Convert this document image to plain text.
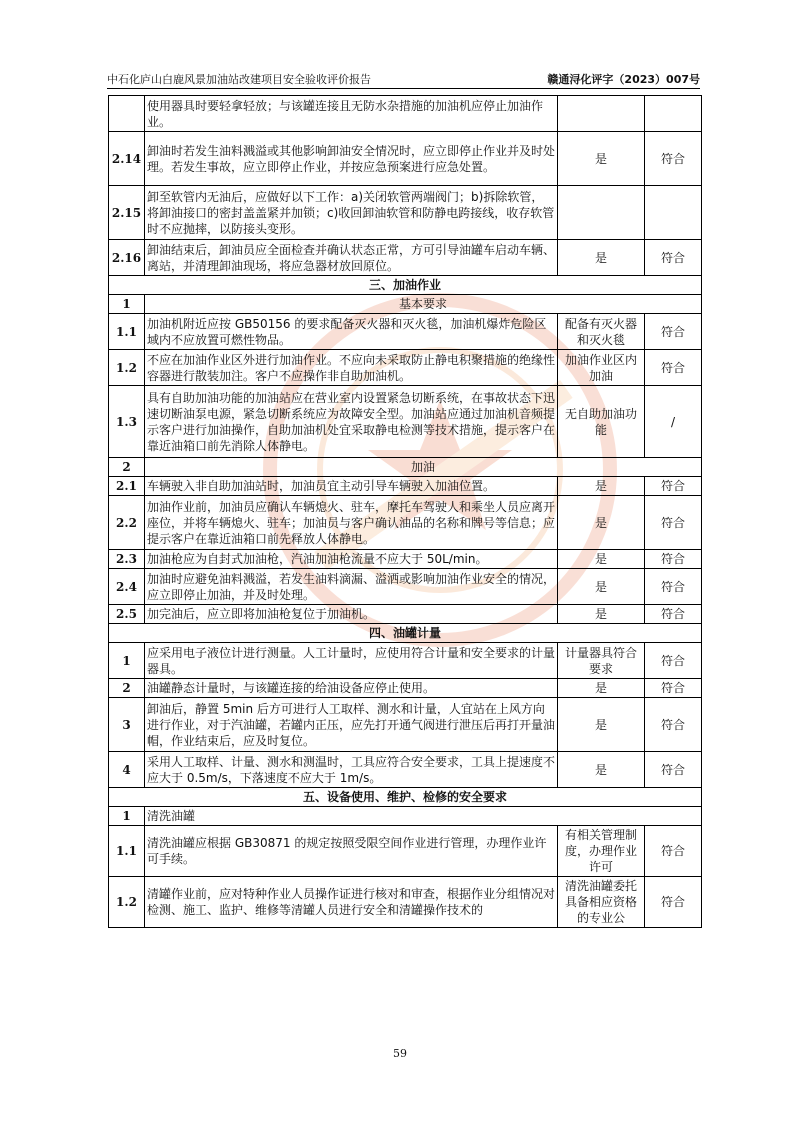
中石化庐山白鹿风景加油站改建项目安全验收评价报告	赣通浔化评字（2023）007号
	使用器具时要轻拿轻放；与该罐连接且无防水杂措施的加油机应停止加油作业。		
2.14	卸油时若发生油料溅溢或其他影响卸油安全情况时，应立即停止作业并及时处理。若发生事故，应立即停止作业，并按应急预案进行应急处置。	是	符合
2.15	卸至软管内无油后，应做好以下工作：a)关闭软管两端阀门；b)拆除软管，将卸油接口的密封盖盖紧并加锁；c)收回卸油软管和防静电跨接线，收存软管时不应抛摔，以防接头变形。		
2.16	卸油结束后，卸油员应全面检查并确认状态正常，方可引导油罐车启动车辆、离站，并清理卸油现场，将应急器材放回原位。	是	符合
三、加油作业			
1	基本要求		
1.1	加油机附近应按 GB50156 的要求配备灭火器和灭火毯，加油机爆炸危险区域内不应放置可燃性物品。	配备有灭火器和灭火毯	符合
1.2	不应在加油作业区外进行加油作业。不应向未采取防止静电积聚措施的绝缘性容器进行散装加注。客户不应操作非自助加油机。	加油作业区内加油	符合
1.3	具有自助加油功能的加油站应在营业室内设置紧急切断系统，在事故状态下迅速切断油泵电源，紧急切断系统应为故障安全型。加油站应通过加油机音频提示客户进行加油操作，自助加油机处宜采取静电检测等技术措施，提示客户在靠近油箱口前先消除人体静电。	无自助加油功能	/
2	加油		
2.1	车辆驶入非自助加油站时，加油员宜主动引导车辆驶入加油位置。	是	符合
2.2	加油作业前，加油员应确认车辆熄火、驻车，摩托车驾驶人和乘坐人员应离开座位，并将车辆熄火、驻车；加油员与客户确认油品的名称和牌号等信息；应提示客户在靠近油箱口前先释放人体静电。	是	符合
2.3	加油枪应为自封式加油枪，汽油加油枪流量不应大于 50L/min。	是	符合
2.4	加油时应避免油料溅溢，若发生油料滴漏、溢洒或影响加油作业安全的情况，应立即停止加油，并及时处理。	是	符合
2.5	加完油后，应立即将加油枪复位于加油机。	是	符合
四、油罐计量			
1	应采用电子液位计进行测量。人工计量时，应使用符合计量和安全要求的计量器具。	计量器具符合要求	符合
2	油罐静态计量时，与该罐连接的给油设备应停止使用。	是	符合
3	卸油后，静置 5min 后方可进行人工取样、测水和计量，人宜站在上风方向进行作业，对于汽油罐，若罐内正压，应先打开通气阀进行泄压后再打开量油帽，作业结束后，应及时复位。	是	符合
4	采用人工取样、计量、测水和测温时，工具应符合安全要求，工具上提速度不应大于 0.5m/s，下落速度不应大于 1m/s。	是	符合
五、设备使用、维护、检修的安全要求			
1	清洗油罐		
1.1	清洗油罐应根据 GB30871 的规定按照受限空间作业进行管理，办理作业许可手续。	有相关管理制度，办理作业许可	符合
1.2	清罐作业前，应对特种作业人员操作证进行核对和审查，根据作业分组情况对检测、施工、监护、维修等清罐人员进行安全和清罐操作技术的	清洗油罐委托具备相应资格的专业公	符合
59
